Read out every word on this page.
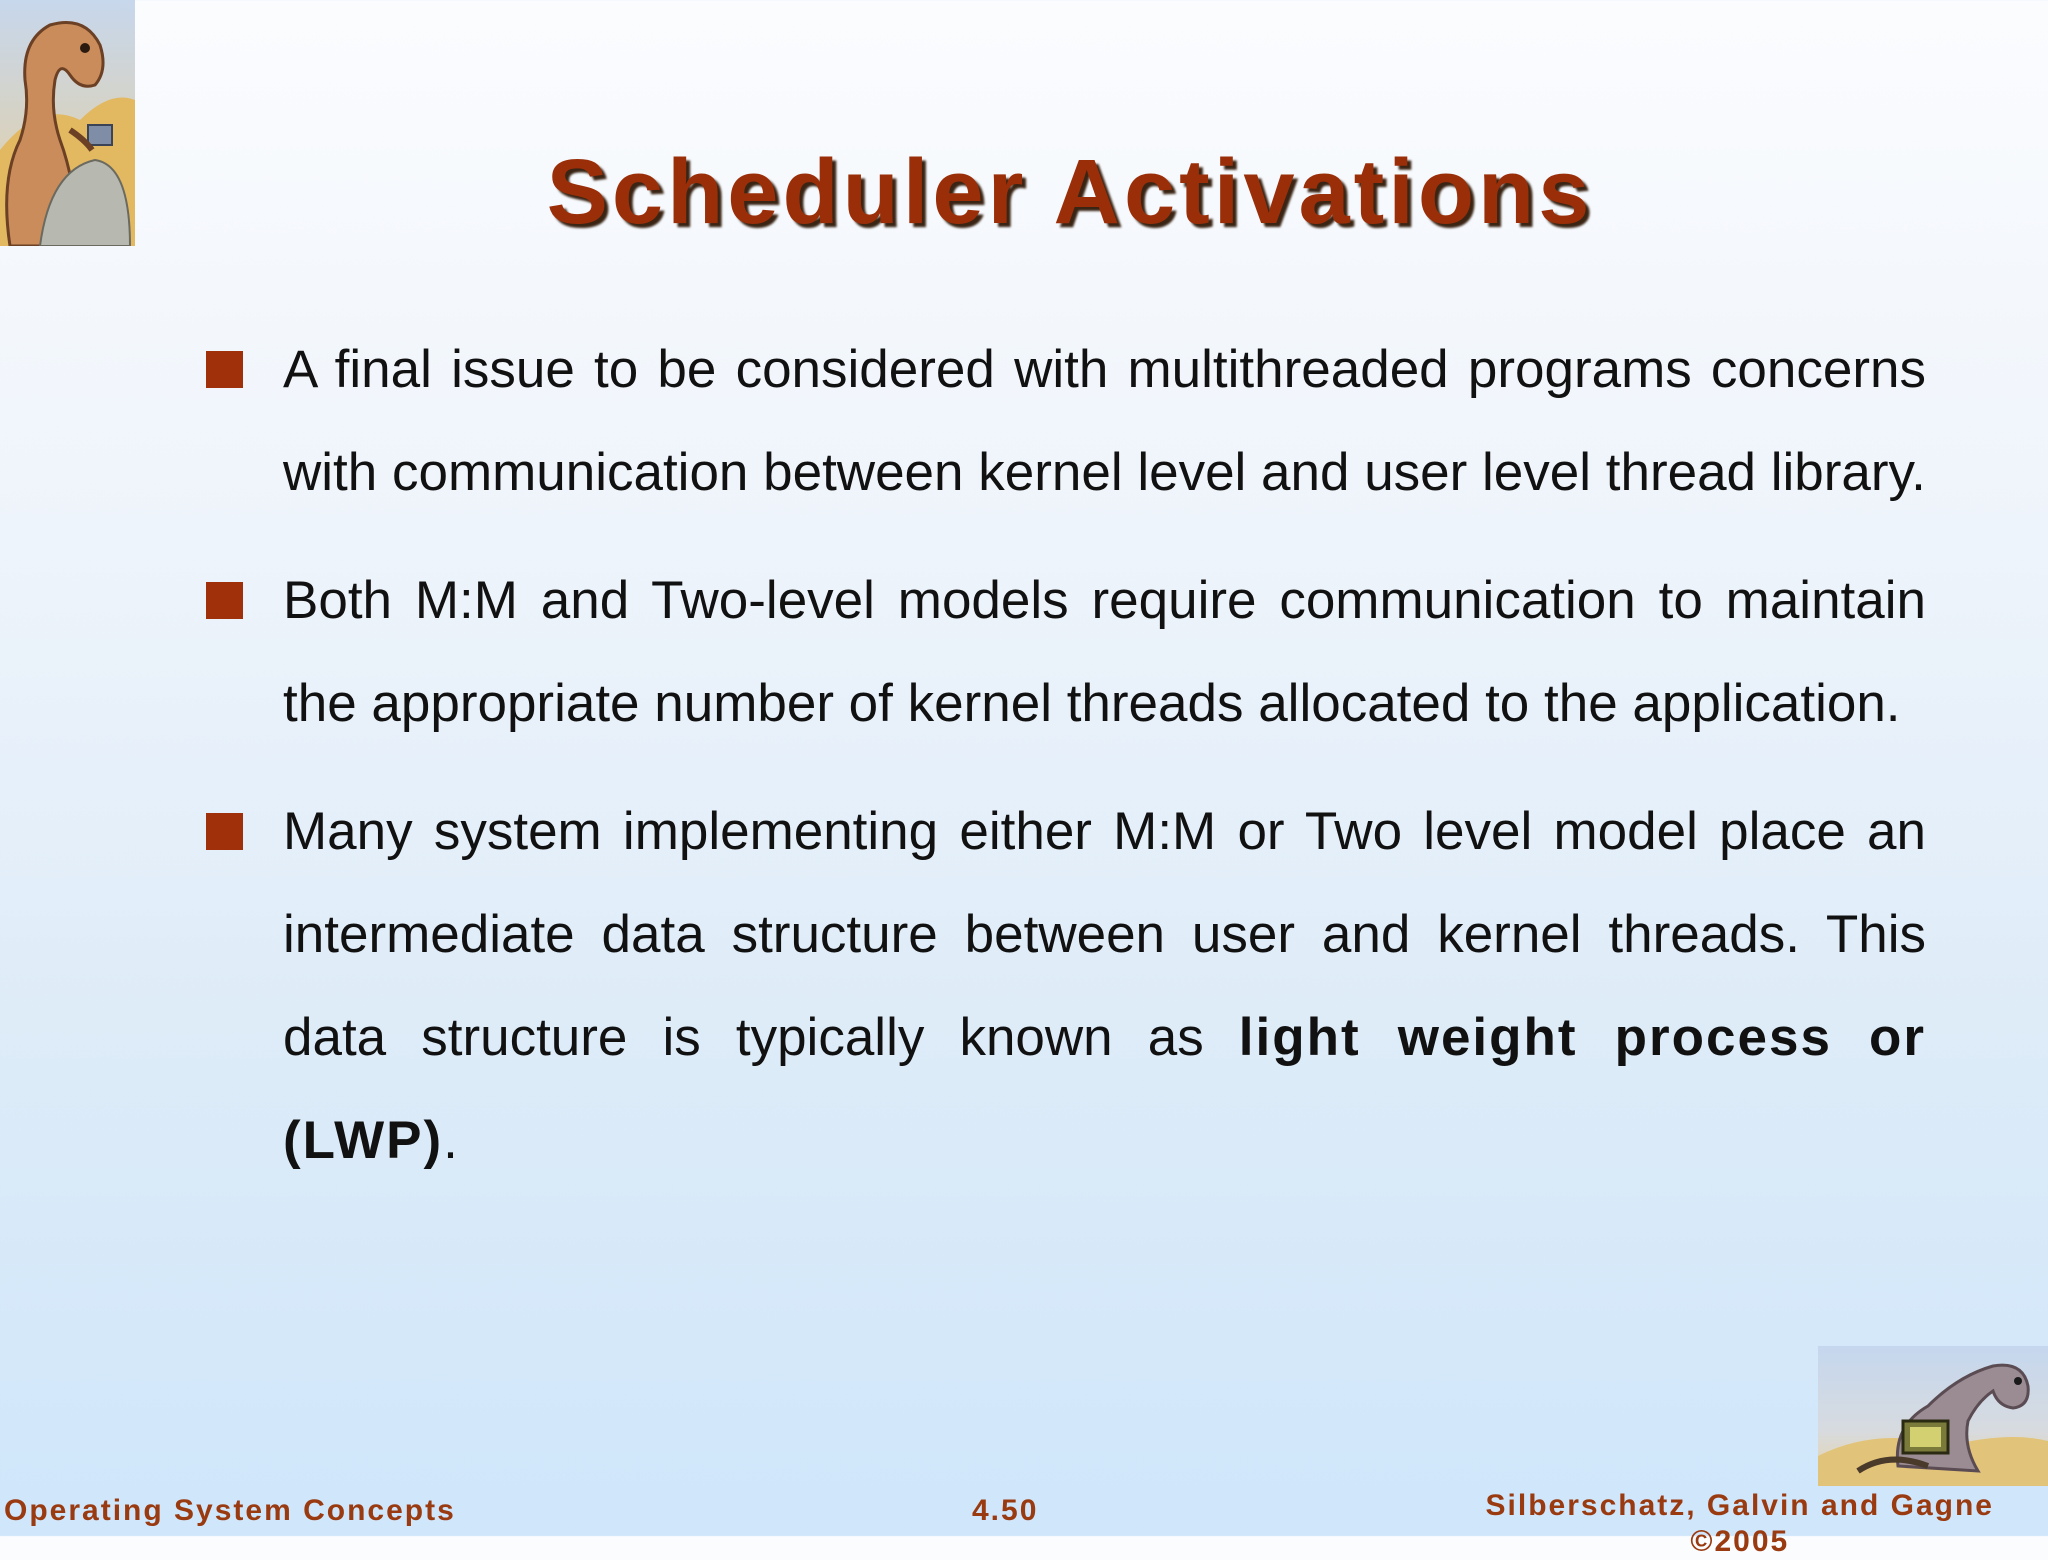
Scheduler Activations
A final issue to be considered with multithreaded programs concerns with communication between kernel level and user level thread library.
Both M:M and Two-level models require communication to maintain the appropriate number of kernel threads allocated to the application.
Many system implementing either M:M or Two level model place an intermediate data structure between user and kernel threads. This data structure is typically known as light weight process or (LWP).
Operating System Concepts	4.50	Silberschatz, Galvin and Gagne
©2005
